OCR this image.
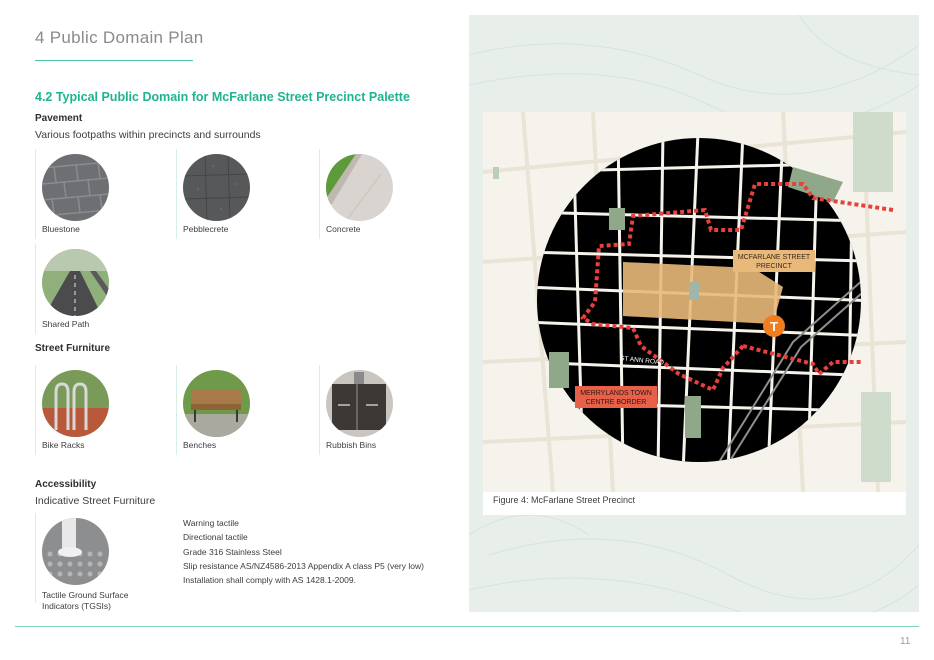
4 Public Domain Plan
4.2 Typical Public Domain for McFarlane Street Precinct Palette
Pavement
Various footpaths within precincts and surrounds
Bluestone	Pebblecrete	Concrete
Shared Path
Street Furniture
Bike Racks	Benches	Rubbish Bins
Accessibility
Indicative Street Furniture
Tactile Ground Surface
Indicators (TGSIs)
Warning tactile
Directional tactile
Grade 316 Stainless Steel
Slip resistance AS/NZ4586-2013 Appendix A class P5 (very low)
Installation shall comply with AS 1428.1-2009.
T
ST ANN ROAD
MCFARLANE STREET
PRECINCT
MERRYLANDS TOWN
CENTRE BORDER
Figure 4: McFarlane Street Precinct
11
